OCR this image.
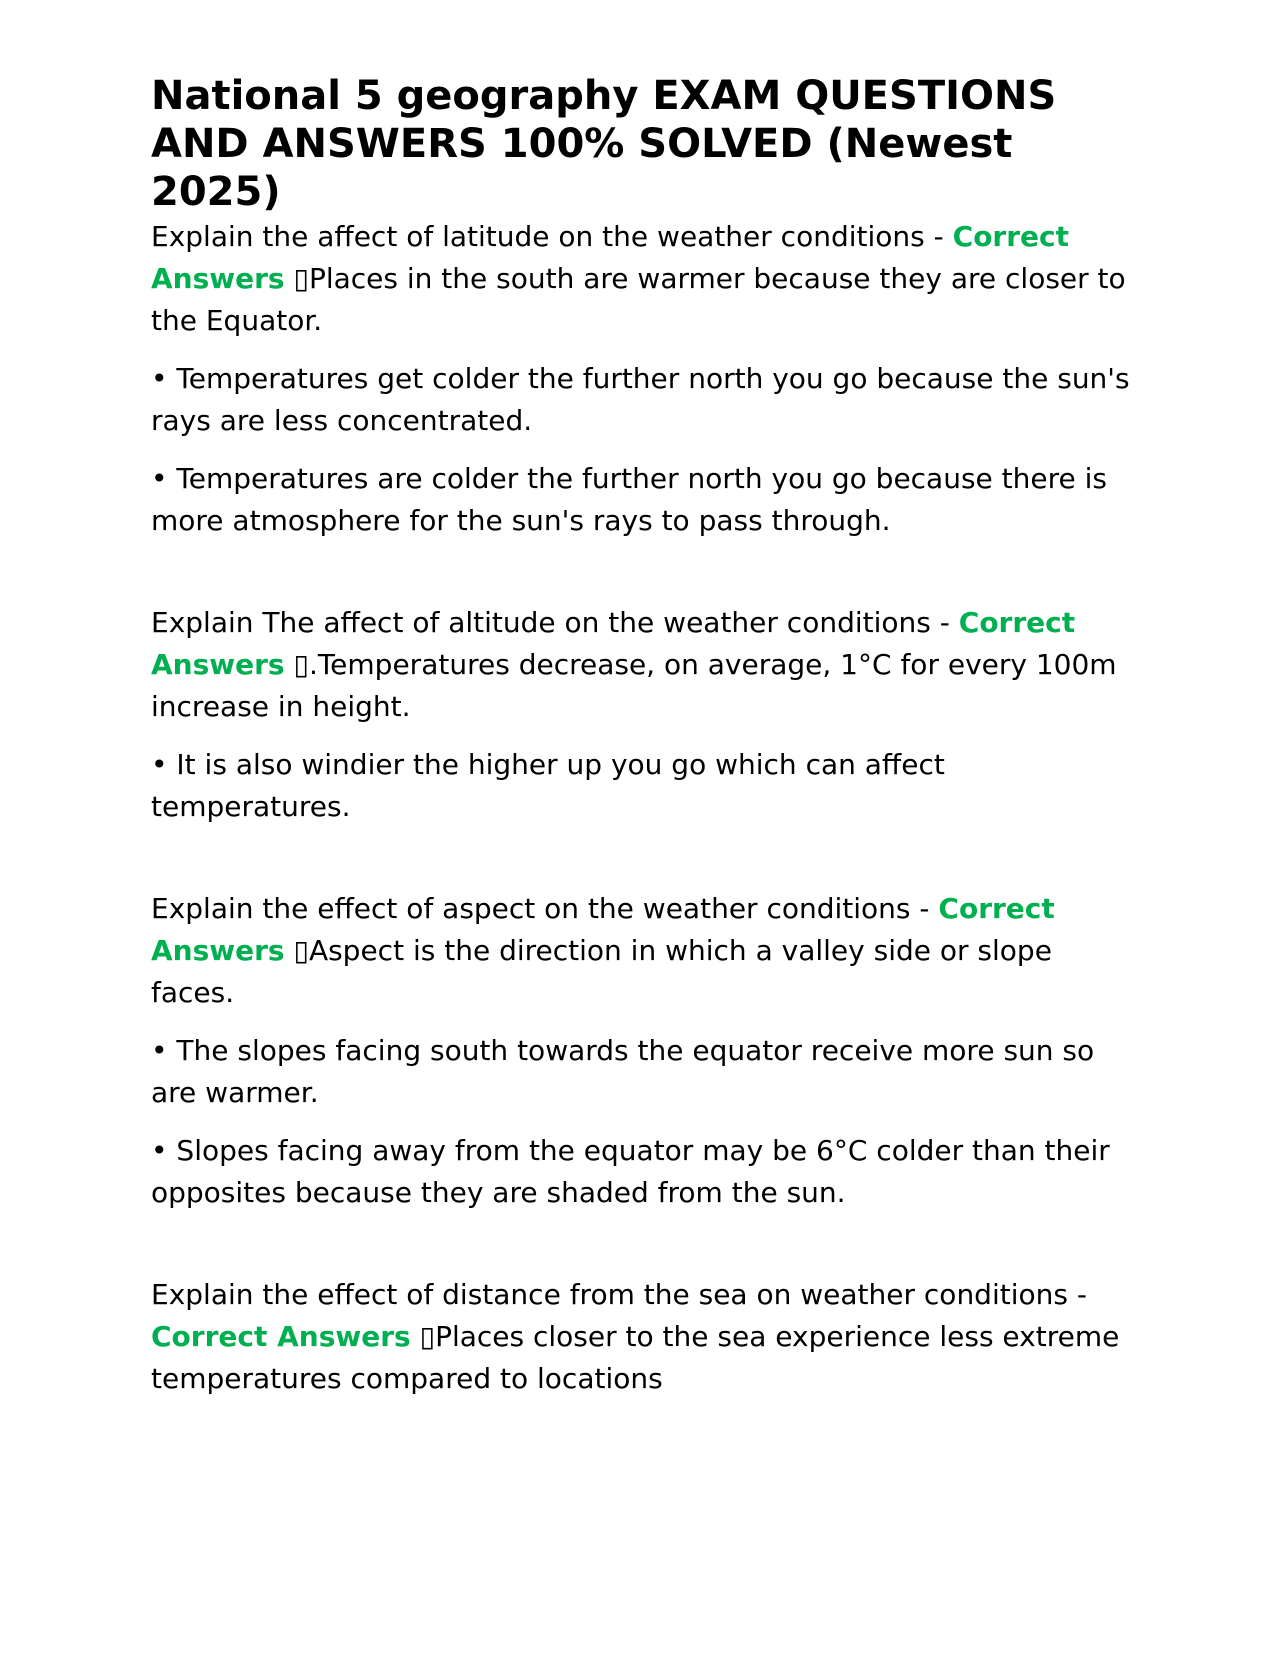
National 5 geography EXAM QUESTIONS AND ANSWERS 100% SOLVED (Newest 2025)

Explain the affect of latitude on the weather conditions - Correct Answers ▯Places in the south are warmer because they are closer to the Equator.

• Temperatures get colder the further north you go because the sun's rays are less concentrated.

• Temperatures are colder the further north you go because there is more atmosphere for the sun's rays to pass through.

Explain The affect of altitude on the weather conditions - Correct Answers ▯.Temperatures decrease, on average, 1°C for every 100m increase in height.

• It is also windier the higher up you go which can affect temperatures.

Explain the effect of aspect on the weather conditions - Correct Answers ▯Aspect is the direction in which a valley side or slope faces.

• The slopes facing south towards the equator receive more sun so are warmer.

• Slopes facing away from the equator may be 6°C colder than their opposites because they are shaded from the sun.

Explain the effect of distance from the sea on weather conditions - Correct Answers ▯Places closer to the sea experience less extreme temperatures compared to locations
